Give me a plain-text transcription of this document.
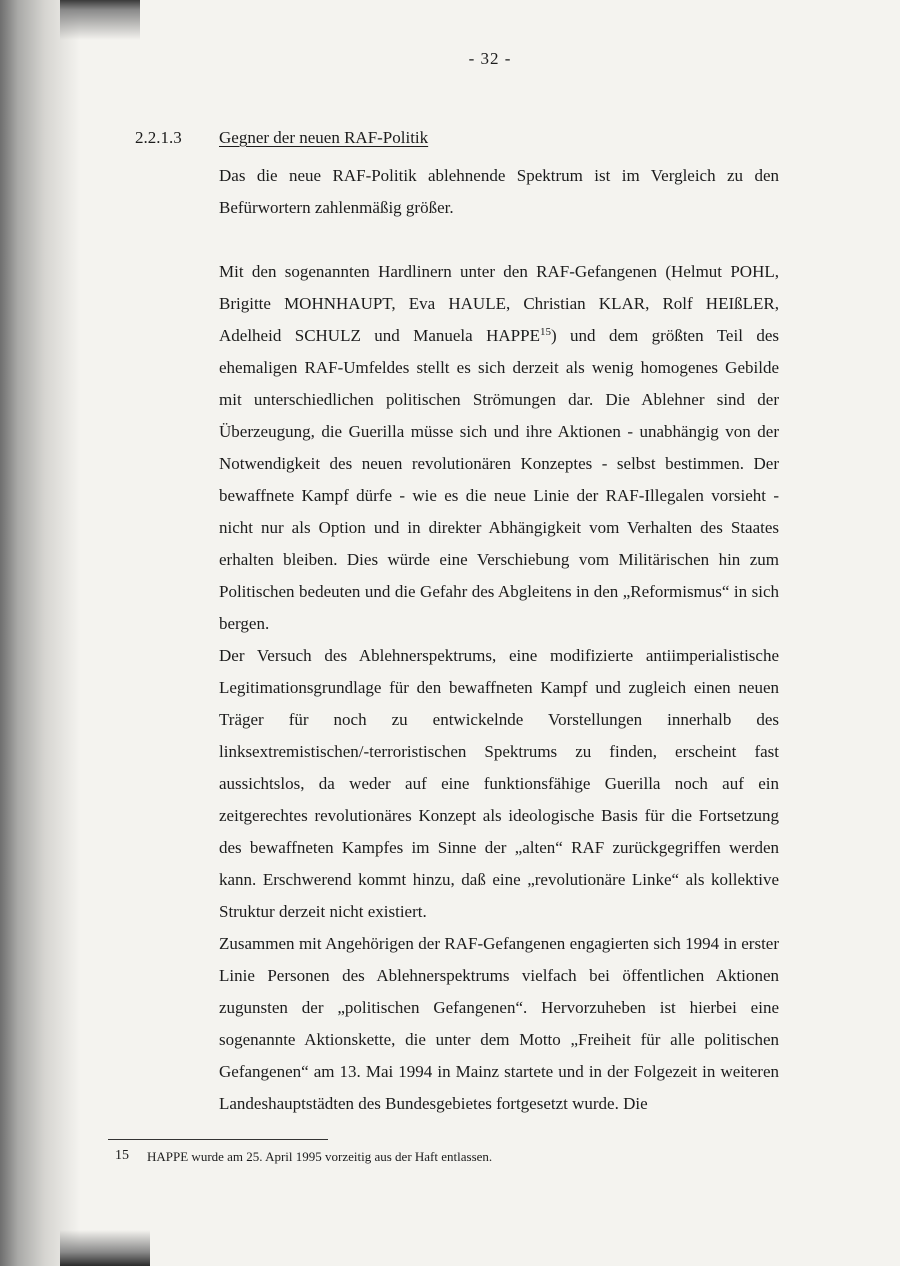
- 32 -
2.2.1.3 Gegner der neuen RAF-Politik

Das die neue RAF-Politik ablehnende Spektrum ist im Vergleich zu den Befürwortern zahlenmäßig größer.

Mit den sogenannten Hardlinern unter den RAF-Gefangenen (Helmut POHL, Brigitte MOHNHAUPT, Eva HAULE, Christian KLAR, Rolf HEIßLER, Adelheid SCHULZ und Manuela HAPPE$^{15}$) und dem größten Teil des ehemaligen RAF-Umfeldes stellt es sich derzeit als wenig homogenes Gebilde mit unterschiedlichen politischen Strömungen dar. Die Ablehner sind der Überzeugung, die Guerilla müsse sich und ihre Aktionen - unabhängig von der Notwendigkeit des neuen revolutionären Konzeptes - selbst bestimmen. Der bewaffnete Kampf dürfe - wie es die neue Linie der RAF-Illegalen vorsieht - nicht nur als Option und in direkter Abhängigkeit vom Verhalten des Staates erhalten bleiben. Dies würde eine Verschiebung vom Militärischen hin zum Politischen bedeuten und die Gefahr des Abgleitens in den „Reformismus“ in sich bergen.

Der Versuch des Ablehnerspektrums, eine modifizierte antiimperialistische Legitimationsgrundlage für den bewaffneten Kampf und zugleich einen neuen Träger für noch zu entwickelnde Vorstellungen innerhalb des linksextremistischen/-terroristischen Spektrums zu finden, erscheint fast aussichtslos, da weder auf eine funktionsfähige Guerilla noch auf ein zeitgerechtes revolutionäres Konzept als ideologische Basis für die Fortsetzung des bewaffneten Kampfes im Sinne der „alten“ RAF zurückgegriffen werden kann. Erschwerend kommt hinzu, daß eine „revolutionäre Linke“ als kollektive Struktur derzeit nicht existiert.

Zusammen mit Angehörigen der RAF-Gefangenen engagierten sich 1994 in erster Linie Personen des Ablehnerspektrums vielfach bei öffentlichen Aktionen zugunsten der „politischen Gefangenen“. Hervorzuheben ist hierbei eine sogenannte Aktionskette, die unter dem Motto „Freiheit für alle politischen Gefangenen“ am 13. Mai 1994 in Mainz startete und in der Folgezeit in weiteren Landeshauptstädten des Bundesgebietes fortgesetzt wurde. Die

15 HAPPE wurde am 25. April 1995 vorzeitig aus der Haft entlassen.
